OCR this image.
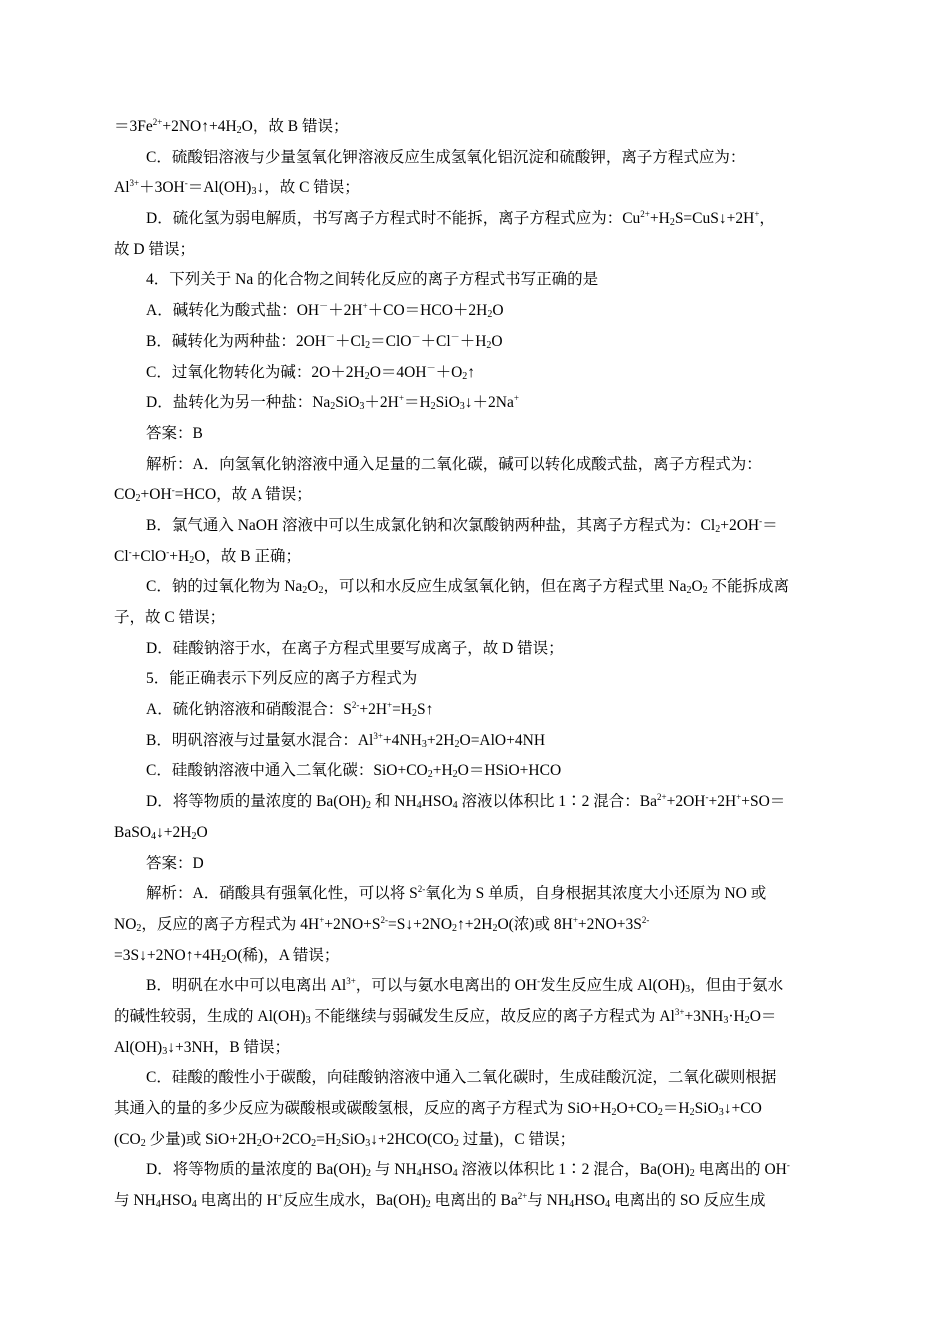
$=3Fe^{2+}+2NO↑+4H_2O$，故 B 错误；
C．硫酸铝溶液与少量氢氧化钾溶液反应生成氢氧化铝沉淀和硫酸钾，离子方程式应为：
$Al^{3+}+3OH^-=Al(OH)_3↓$，故 C 错误；
D．硫化氢为弱电解质，书写离子方程式时不能拆，离子方程式应为：$Cu^{2+}+H_2S=CuS↓+2H^+$，
故 D 错误；
4．下列关于 Na 的化合物之间转化反应的离子方程式书写正确的是
A．碱转化为酸式盐：$OH^-+2H^++CO=HCO+2H_2O$
B．碱转化为两种盐：$2OH^-+Cl_2=ClO^-+Cl^-+H_2O$
C．过氧化物转化为碱：$2O+2H_2O=4OH^-+O_2↑$
D．盐转化为另一种盐：$Na_2SiO_3+2H^+=H_2SiO_3↓+2Na^+$
答案：B
解析：A．向氢氧化钠溶液中通入足量的二氧化碳，碱可以转化成酸式盐，离子方程式为：
$CO_2+OH^-=HCO$，故 A 错误；
B．氯气通入 NaOH 溶液中可以生成氯化钠和次氯酸钠两种盐，其离子方程式为：$Cl_2+2OH^-=$
$Cl^-+ClO^-+H_2O$，故 B 正确；
C．钠的过氧化物为 $Na_2O_2$，可以和水反应生成氢氧化钠，但在离子方程式里 $Na_2O_2$ 不能拆成离
子，故 C 错误；
D．硅酸钠溶于水，在离子方程式里要写成离子，故 D 错误；
5．能正确表示下列反应的离子方程式为
A．硫化钠溶液和硝酸混合：$S^{2-}+2H^+=H_2S↑$
B．明矾溶液与过量氨水混合：$Al^{3+}+4NH_3+2H_2O=AlO+4NH$
C．硅酸钠溶液中通入二氧化碳：$SiO+CO_2+H_2O=HSiO+HCO$
D．将等物质的量浓度的 $Ba(OH)_2$ 和 $NH_4HSO_4$ 溶液以体积比 1∶2 混合：$Ba^{2+}+2OH^-+2H^++SO=$
$BaSO_4↓+2H_2O$
答案：D
解析：A．硝酸具有强氧化性，可以将 $S^{2-}$氧化为 S 单质，自身根据其浓度大小还原为 NO 或
$NO_2$，反应的离子方程式为 $4H^++2NO+S^{2-}=S↓+2NO_2↑+2H_2O$(浓)或 $8H^++2NO+3S^{2-}$
$=3S↓+2NO↑+4H_2O$(稀)，A 错误；
B．明矾在水中可以电离出 $Al^{3+}$，可以与氨水电离出的 OH-发生反应生成 $Al(OH)_3$，但由于氨水
的碱性较弱，生成的 $Al(OH)_3$ 不能继续与弱碱发生反应，故反应的离子方程式为 $Al^{3+}+3NH_3\cdot H_2O=$
$Al(OH)_3↓+3NH$，B 错误；
C．硅酸的酸性小于碳酸，向硅酸钠溶液中通入二氧化碳时，生成硅酸沉淀，二氧化碳则根据
其通入的量的多少反应为碳酸根或碳酸氢根，反应的离子方程式为 $SiO+H_2O+CO_2=H_2SiO_3↓+CO$
($CO_2$ 少量)或 $SiO+2H_2O+2CO_2=H_2SiO_3↓+2HCO(CO_2$ 过量)，C 错误；
D．将等物质的量浓度的 $Ba(OH)_2$ 与 $NH_4HSO_4$ 溶液以体积比 1∶2 混合，$Ba(OH)_2$ 电离出的 OH-
与 $NH_4HSO_4$ 电离出的 H+反应生成水，$Ba(OH)_2$ 电离出的 $Ba^{2+}$与 $NH_4HSO_4$ 电离出的 SO 反应生成
